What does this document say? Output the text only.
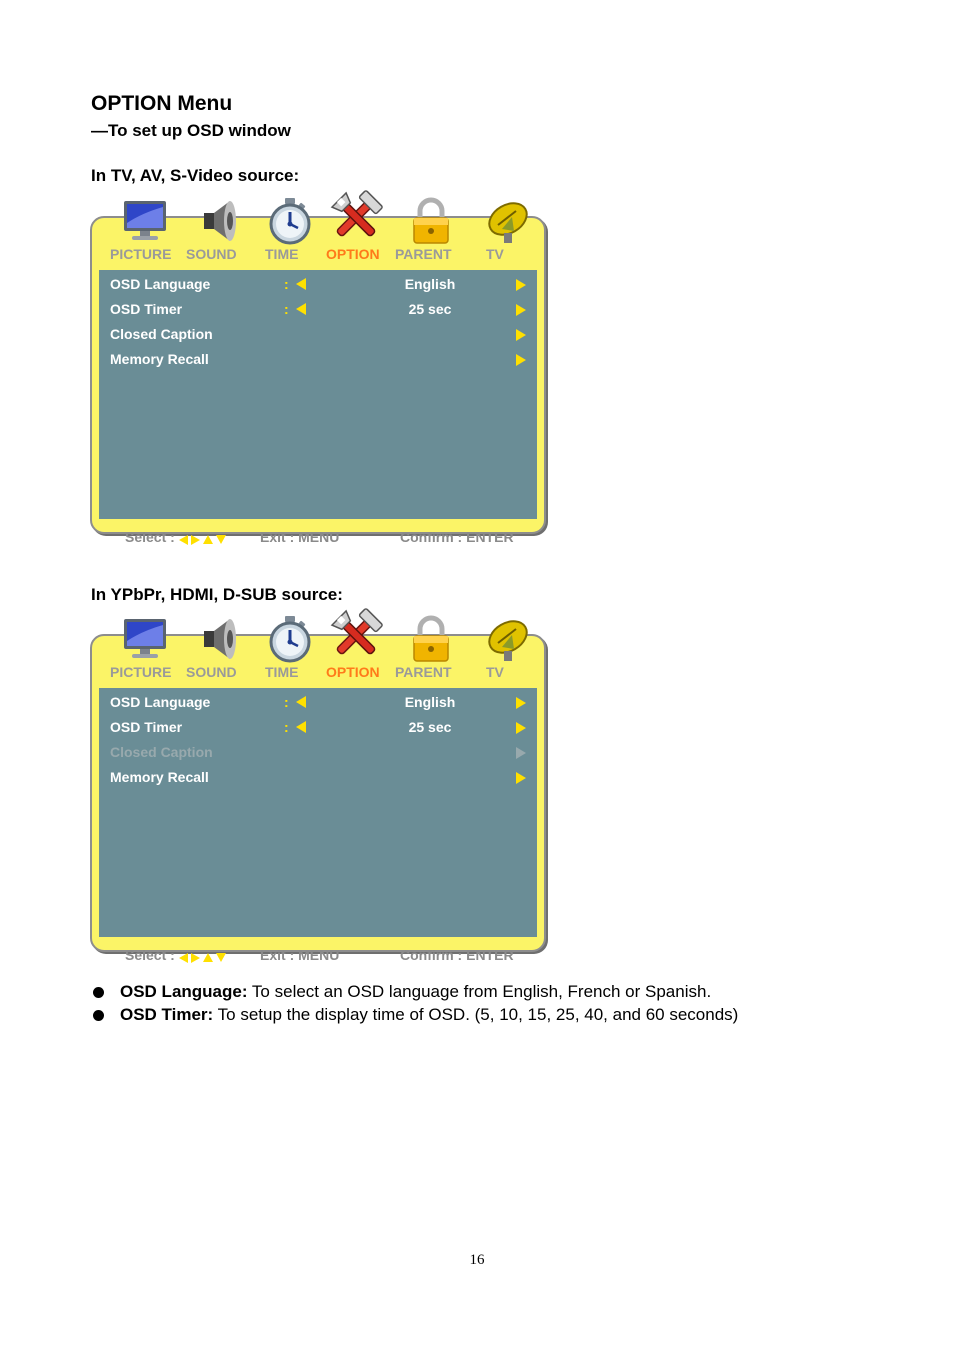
OPTION Menu
—To set up OSD window
In TV, AV, S-Video source:
PICTURE SOUND TIME OPTION PARENT TV
OSD Language	:	English
OSD Timer	:	25 sec
Closed Caption
Memory Recall
Select :	Exit : MENU	Confirm : ENTER
In YPbPr, HDMI, D-SUB source:
PICTURE SOUND TIME OPTION PARENT TV
OSD Language	:	English
OSD Timer	:	25 sec
Closed Caption
Memory Recall
Select :	Exit : MENU	Confirm : ENTER
OSD Language: To select an OSD language from English, French or Spanish.
OSD Timer: To setup the display time of OSD. (5, 10, 15, 25, 40, and 60 seconds)
16
